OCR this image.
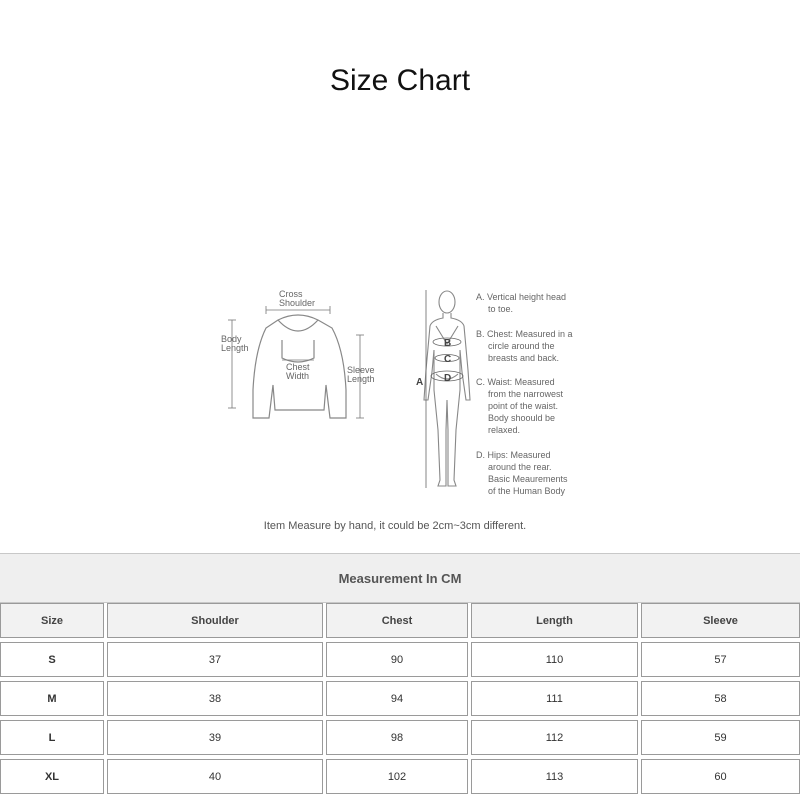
Size Chart
Cross
Shoulder
Body
Length
Chest
Width
Sleeve
Length
B
C
D
A
A. Vertical height head
to toe.
B. Chest: Measured in a
circle around the
breasts and back.
C. Waist: Measured
from the narrowest
point of the waist.
Body shoould be
relaxed.
D. Hips: Measured
around the rear.
Basic Meaurements
of the Human Body
Item Measure by hand, it could be 2cm~3cm different.
Measurement In CM
Size	Shoulder	Chest	Length	Sleeve
S	37	90	110	57
M	38	94	111	58
L	39	98	112	59
XL	40	102	113	60
